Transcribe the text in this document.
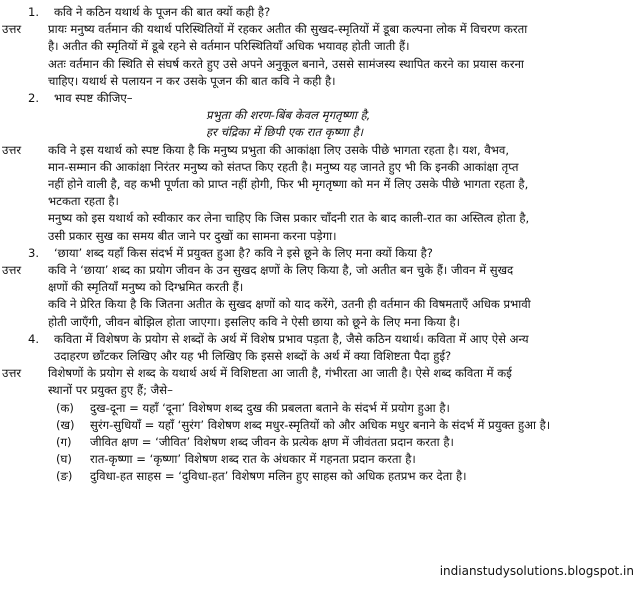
1.	कवि ने कठिन यथार्थ के पूजन की बात क्यों कही है?
उत्तर	प्रायः मनुष्य वर्तमान की यथार्थ परिस्थितियों में रहकर अतीत की सुखद-स्मृतियों में डूबा कल्पना लोक में विचरण करता
है। अतीत की स्मृतियों में डूबे रहने से वर्तमान परिस्थितियाँ अधिक भयावह होती जाती हैं।
अतः वर्तमान की स्थिति से संघर्ष करते हुए उसे अपने अनुकूल बनाने, उससे सामंजस्य स्थापित करने का प्रयास करना
चाहिए। यथार्थ से पलायन न कर उसके पूजन की बात कवि ने कही है।
2.	भाव स्पष्ट कीजिए–
प्रभुता की शरण-बिंब केवल मृगतृष्णा है,
हर चंद्रिका में छिपी एक रात कृष्णा है।
उत्तर	कवि ने इस यथार्थ को स्पष्ट किया है कि मनुष्य प्रभुता की आकांक्षा लिए उसके पीछे भागता रहता है। यश, वैभव,
मान-सम्मान की आकांक्षा निरंतर मनुष्य को संतप्त किए रहती है। मनुष्य यह जानते हुए भी कि इनकी आकांक्षा तृप्त
नहीं होने वाली है, वह कभी पूर्णता को प्राप्त नहीं होगी, फिर भी मृगतृष्णा को मन में लिए उसके पीछे भागता रहता है,
भटकता रहता है।
मनुष्य को इस यथार्थ को स्वीकार कर लेना चाहिए कि जिस प्रकार चाँदनी रात के बाद काली-रात का अस्तित्व होता है,
उसी प्रकार सुख का समय बीत जाने पर दुखों का सामना करना पड़ेगा।
3.	‘छाया’ शब्द यहाँ किस संदर्भ में प्रयुक्त हुआ है? कवि ने इसे छूने के लिए मना क्यों किया है?
उत्तर	कवि ने ‘छाया’ शब्द का प्रयोग जीवन के उन सुखद क्षणों के लिए किया है, जो अतीत बन चुके हैं। जीवन में सुखद
क्षणों की स्मृतियाँ मनुष्य को दिग्भ्रमित करती हैं।
कवि ने प्रेरित किया है कि जितना अतीत के सुखद क्षणों को याद करेंगे, उतनी ही वर्तमान की विषमताएँ अधिक प्रभावी
होती जाएँगी, जीवन बोझिल होता जाएगा। इसलिए कवि ने ऐसी छाया को छूने के लिए मना किया है।
4.	कविता में विशेषण के प्रयोग से शब्दों के अर्थ में विशेष प्रभाव पड़ता है, जैसे कठिन यथार्थ। कविता में आए ऐसे अन्य
उदाहरण छाँटकर लिखिए और यह भी लिखिए कि इससे शब्दों के अर्थ में क्या विशिष्टता पैदा हुई?
उत्तर	विशेषणों के प्रयोग से शब्द के यथार्थ अर्थ में विशिष्टता आ जाती है, गंभीरता आ जाती है। ऐसे शब्द कविता में कई
स्थानों पर प्रयुक्त हुए हैं; जैसे–
(क)	दुख-दूना = यहाँ ‘दूना’ विशेषण शब्द दुख की प्रबलता बताने के संदर्भ में प्रयोग हुआ है।
(ख)	सुरंग-सुधियाँ = यहाँ ‘सुरंग’ विशेषण शब्द मधुर-स्मृतियों को और अधिक मधुर बनाने के संदर्भ में प्रयुक्त हुआ है।
(ग)	जीवित क्षण = ‘जीवित’ विशेषण शब्द जीवन के प्रत्येक क्षण में जीवंतता प्रदान करता है।
(घ)	रात-कृष्णा = ‘कृष्णा’ विशेषण शब्द रात के अंधकार में गहनता प्रदान करता है।
(ङ)	दुविधा-हत साहस = ‘दुविधा-हत’ विशेषण मलिन हुए साहस को अधिक हतप्रभ कर देता है।
indianstudysolutions.blogspot.in
